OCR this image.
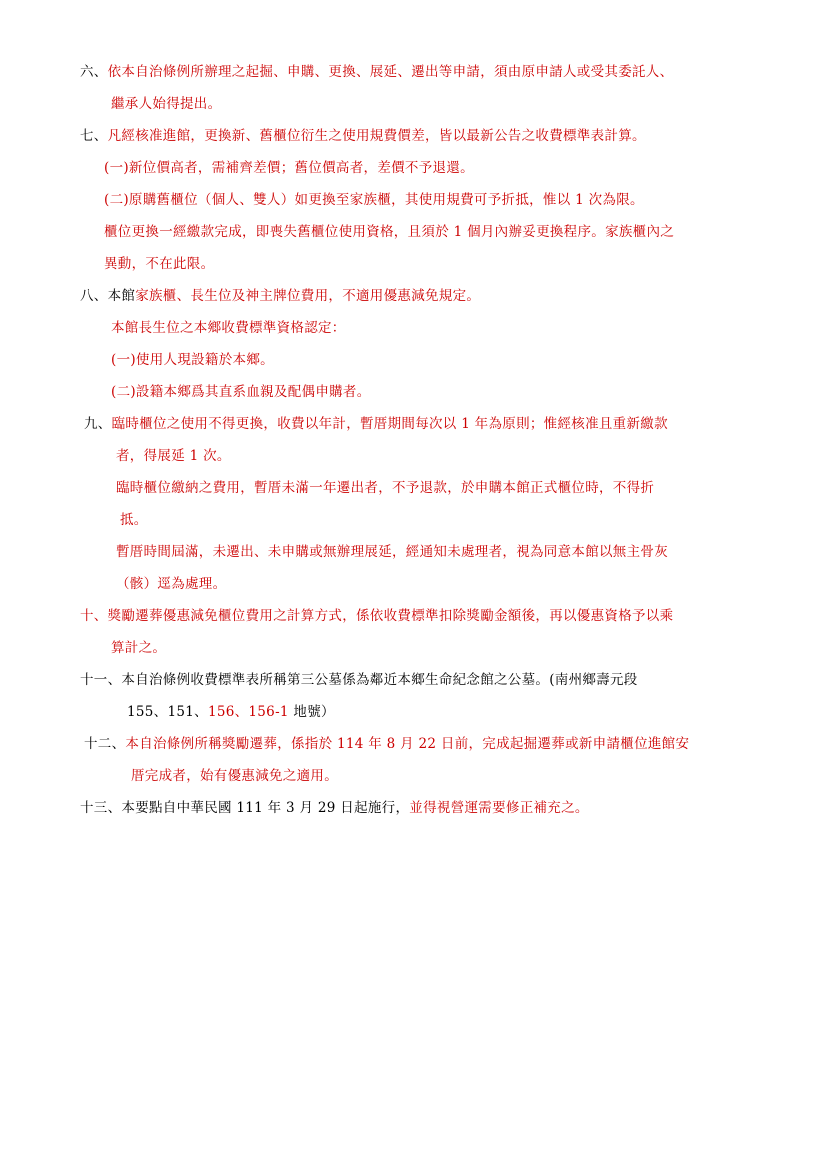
六、依本自治條例所辦理之起掘、申購、更換、展延、遷出等申請，須由原申請人或受其委託人、
繼承人始得提出。
七、凡經核准進館，更換新、舊櫃位衍生之使用規費價差，皆以最新公告之收費標準表計算。
(一)新位價高者，需補齊差價；舊位價高者，差價不予退還。
(二)原購舊櫃位（個人、雙人）如更換至家族櫃，其使用規費可予折抵，惟以 1 次為限。
櫃位更換一經繳款完成，即喪失舊櫃位使用資格，且須於 1 個月內辦妥更換程序。家族櫃內之
異動，不在此限。
八、本館家族櫃、長生位及神主牌位費用，不適用優惠減免規定。
本館長生位之本鄉收費標準資格認定：
(一)使用人現設籍於本鄉。
(二)設籍本鄉爲其直系血親及配偶申購者。
九、臨時櫃位之使用不得更換，收費以年計，暫厝期間每次以 1 年為原則；惟經核准且重新繳款
者，得展延 1 次。
臨時櫃位繳納之費用，暫厝未滿一年遷出者，不予退款，於申購本館正式櫃位時，不得折
抵。
暫厝時間屆滿，未遷出、未申購或無辦理展延，經通知未處理者，視為同意本館以無主骨灰
（骸）逕為處理。
十、獎勵遷葬優惠減免櫃位費用之計算方式，係依收費標準扣除獎勵金額後，再以優惠資格予以乘
算計之。
十一、本自治條例收費標準表所稱第三公墓係為鄰近本鄉生命紀念館之公墓。(南州鄉壽元段
155、151、156、156-1 地號）
十二、本自治條例所稱獎勵遷葬，係指於 114 年 8 月 22 日前，完成起掘遷葬或新申請櫃位進館安
厝完成者，始有優惠減免之適用。
十三、本要點自中華民國 111 年 3 月 29 日起施行，並得視營運需要修正補充之。
